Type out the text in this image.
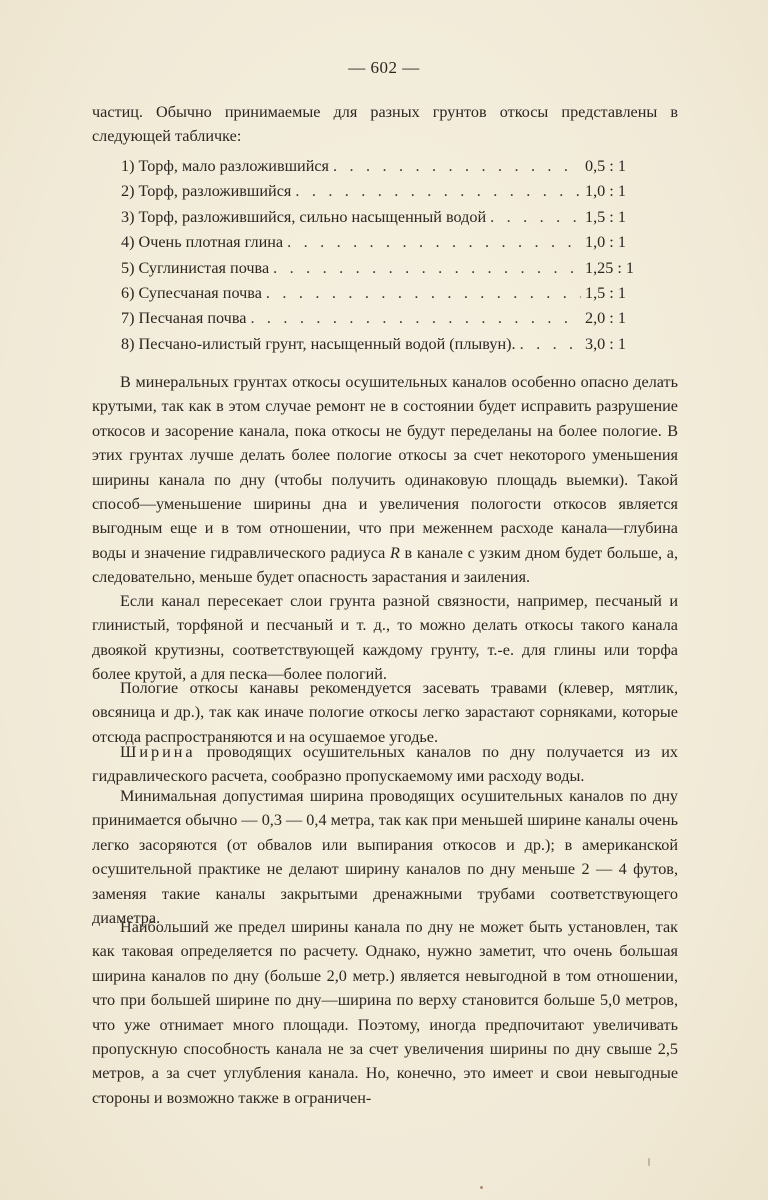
— 602 —
частиц. Обычно принимаемые для разных грунтов откосы представлены в следующей табличке:
1) Торф, мало разложившийся . . .	0,5 : 1
2) Торф, разложившийся . . .	1,0 : 1
3) Торф, разложившийся, сильно насыщенный водой . . .	1,5 : 1
4) Очень плотная глина . . .	1,0 : 1
5) Суглинистая почва . . .	1,25 : 1
6) Супесчаная почва . . .	1,5 : 1
7) Песчаная почва . . .	2,0 : 1
8) Песчано-илистый грунт, насыщенный водой (плывун). . . .	3,0 : 1
В минеральных грунтах откосы осушительных каналов особенно опасно делать крутыми, так как в этом случае ремонт не в состоянии будет исправить разрушение откосов и засорение канала, пока откосы не будут переделаны на более пологие. В этих грунтах лучше делать более пологие откосы за счет некоторого уменьшения ширины канала по дну (чтобы получить одинаковую площадь выемки). Такой способ—уменьшение ширины дна и увеличения пологости откосов является выгодным еще и в том отношении, что при меженнем расходе канала—глубина воды и значение гидравлического радиуса R в канале с узким дном будет больше, а, следовательно, меньше будет опасность зарастания и заиления.
Если канал пересекает слои грунта разной связности, например, песчаный и глинистый, торфяной и песчаный и т. д., то можно делать откосы такого канала двоякой крутизны, соответствующей каждому грунту, т.-е. для глины или торфа более крутой, а для песка—более пологий.
Пологие откосы канавы рекомендуется засевать травами (клевер, мятлик, овсяница и др.), так как иначе пологие откосы легко зарастают сорняками, которые отсюда распространяются и на осушаемое угодье.
Ширина проводящих осушительных каналов по дну получается из их гидравлического расчета, сообразно пропускаемому ими расходу воды.
Минимальная допустимая ширина проводящих осушительных каналов по дну принимается обычно — 0,3 — 0,4 метра, так как при меньшей ширине каналы очень легко засоряются (от обвалов или выпирания откосов и др.); в американской осушительной практике не делают ширину каналов по дну меньше 2 — 4 футов, заменяя такие каналы закрытыми дренажными трубами соответствующего диаметра.
Наибольший же предел ширины канала по дну не может быть установлен, так как таковая определяется по расчету. Однако, нужно заметит, что очень большая ширина каналов по дну (больше 2,0 метр.) является невыгодной в том отношении, что при большей ширине по дну—ширина по верху становится больше 5,0 метров, что уже отнимает много площади. Поэтому, иногда предпочитают увеличивать пропускную способность канала не за счет увеличения ширины по дну свыше 2,5 метров, а за счет углубления канала. Но, конечно, это имеет и свои невыгодные стороны и возможно также в ограничен-
